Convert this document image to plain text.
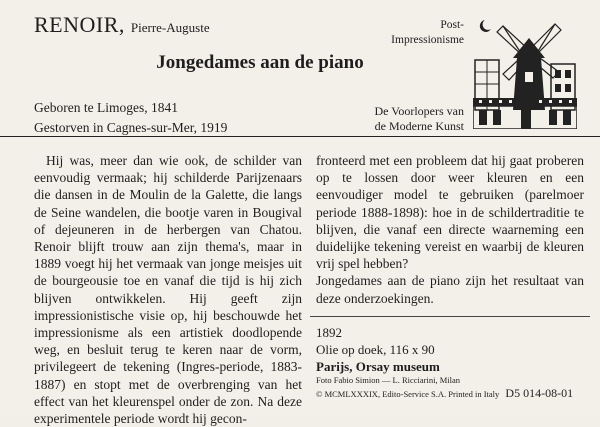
RENOIR, Pierre-Auguste	Post-
Impressionisme
Jongedames aan de piano
Geboren te Limoges, 1841
Gestorven in Cagnes-sur-Mer, 1919
De Voorlopers van
de Moderne Kunst

Hij was, meer dan wie ook, de schilder van eenvoudig vermaak; hij schilderde Parijzenaars die dansen in de Moulin de la Galette, die langs de Seine wandelen, die bootje varen in Bougival of dejeuneren in de herbergen van Chatou. Renoir blijft trouw aan zijn thema's, maar in 1889 voegt hij het vermaak van jonge meisjes uit de bourgeousie toe en vanaf die tijd is hij zich blijven ontwikkelen. Hij geeft zijn impressionistische visie op, hij beschouwde het impressionisme als een artistiek doodlopende weg, en besluit terug te keren naar de vorm, privilegeert de tekening (Ingres-periode, 1883-1887) en stopt met de overbrenging van het effect van het kleurenspel onder de zon. Na deze experimentele periode wordt hij gecon-

fronteerd met een probleem dat hij gaat proberen op te lossen door weer kleuren en een eenvoudiger model te gebruiken (parelmoer periode 1888-1898): hoe in de schildertraditie te blijven, die vanaf een directe waarneming een duidelijke tekening vereist en waarbij de kleuren vrij spel hebben?

Jongedames aan de piano zijn het resultaat van deze onderzoekingen.

1892
Olie op doek, 116 x 90
Parijs, Orsay museum
Foto Fabio Simion — L. Ricciarini, Milan
© MCMLXXXIX, Edito-Service S.A. Printed in Italy D5 014-08-01
